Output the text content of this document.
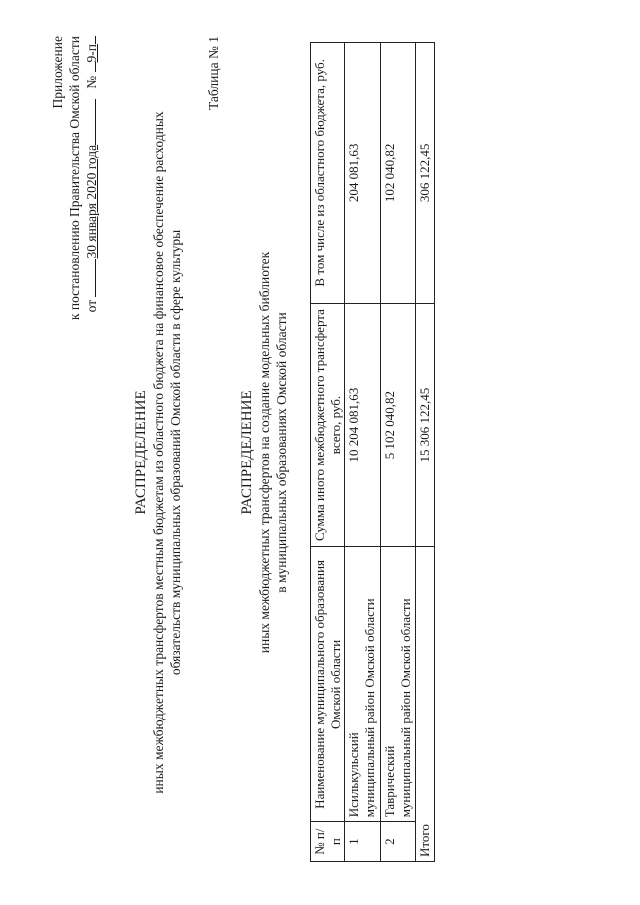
Приложение к постановлению Правительства Омской области от 30 января 2020 года   № 9-п
РАСПРЕДЕЛЕНИЕ иных межбюджетных трансфертов местным бюджетам из областного бюджета на финансовое обеспечение расходных обязательств муниципальных образований Омской области в сфере культуры
Таблица № 1
РАСПРЕДЕЛЕНИЕ иных межбюджетных трансфертов на создание модельных библиотек в муниципальных образованиях Омской области
№ п/п	Наименование муниципального образования Омской области	Сумма иного межбюджетного трансферта всего, руб.	В том числе из областного бюджета, руб.
1	Исилькульский муниципальный район Омской области	10 204 081,63	204 081,63
2	Таврический муниципальный район Омской области	5 102 040,82	102 040,82
Итого		15 306 122,45	306 122,45
